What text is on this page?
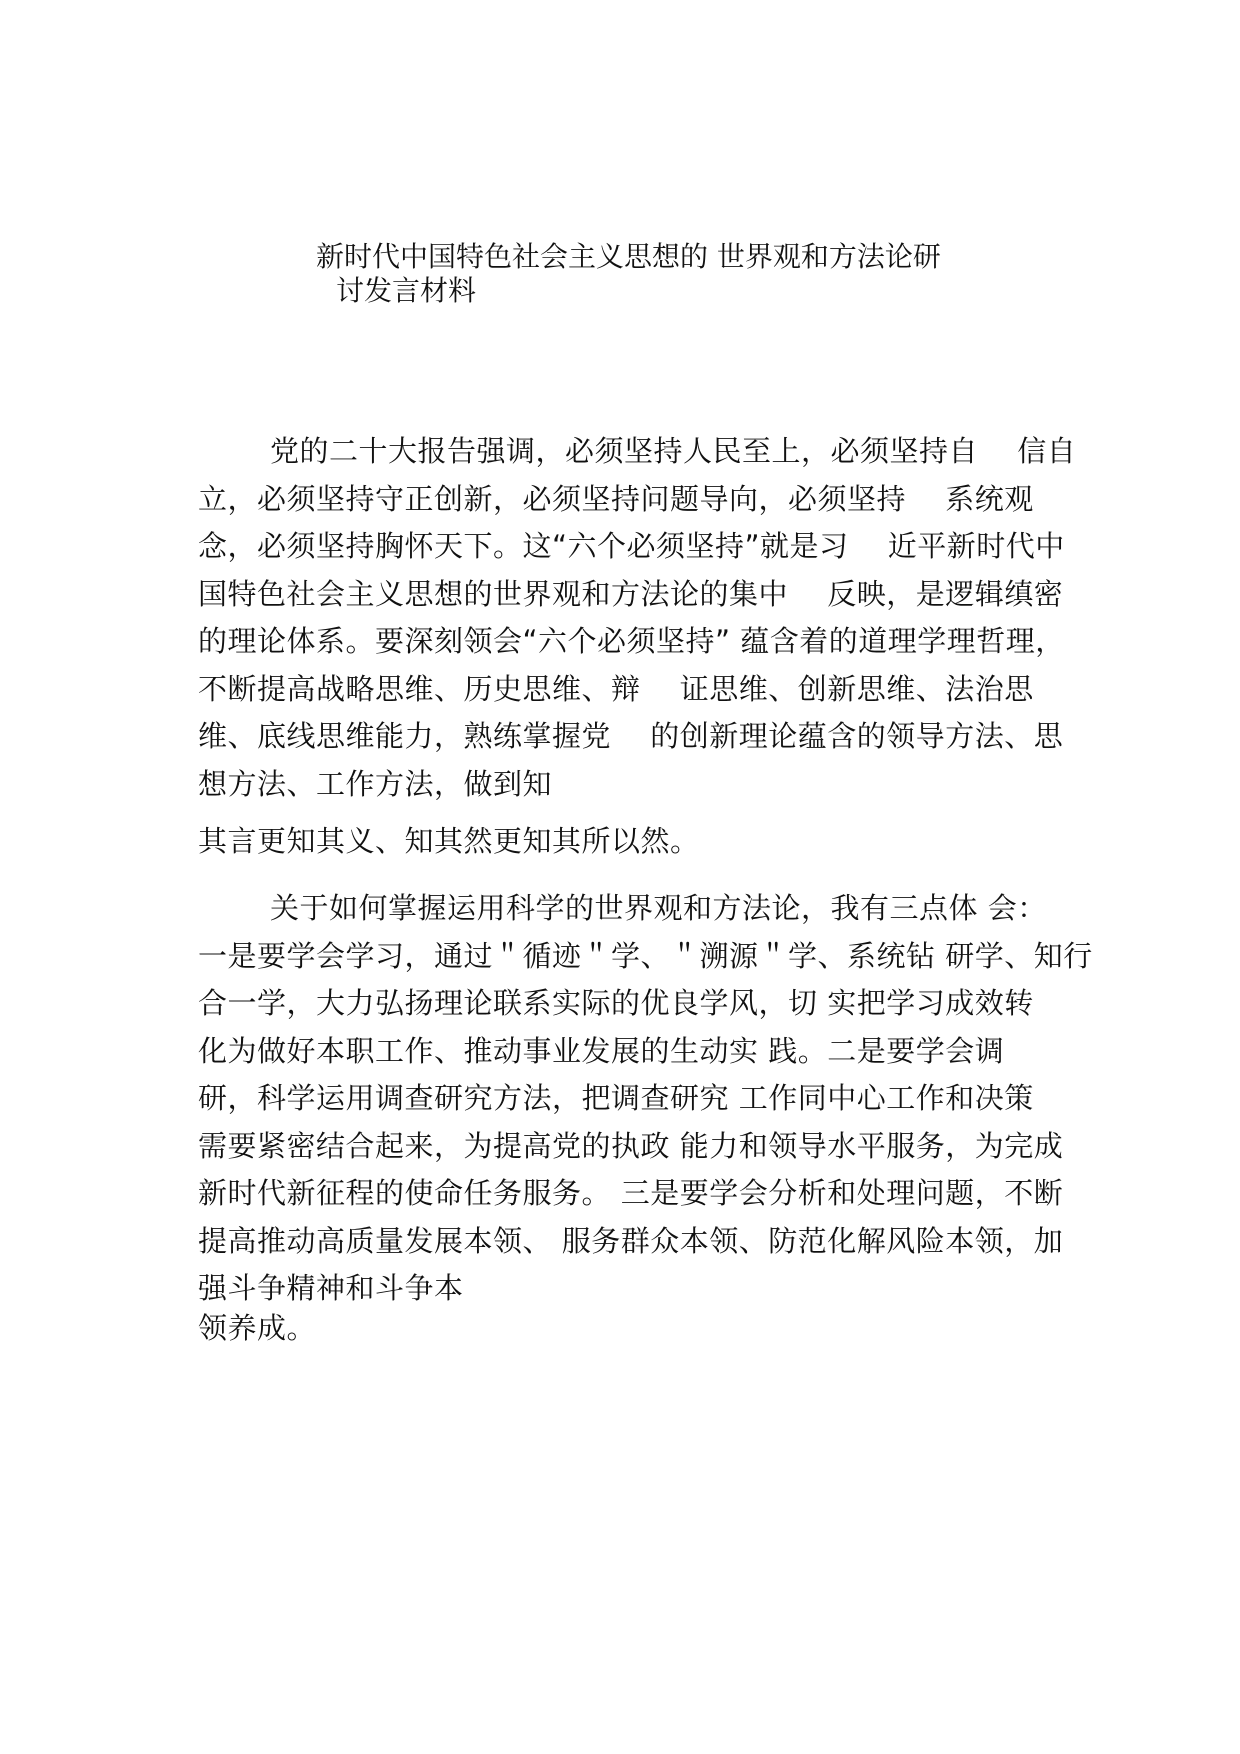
新时代中国特色社会主义思想的 世界观和方法论研
讨发言材料
党的二十大报告强调，必须坚持人民至上，必须坚持自　 信自
立，必须坚持守正创新，必须坚持问题导向，必须坚持　 系统观
念，必须坚持胸怀天下。这“六个必须坚持”就是习　 近平新时代中
国特色社会主义思想的世界观和方法论的集中　 反映，是逻辑缜密
的理论体系。要深刻领会“六个必须坚持” 蕴含着的道理学理哲理，
不断提高战略思维、历史思维、辩　 证思维、创新思维、法治思
维、底线思维能力，熟练掌握党　 的创新理论蕴含的领导方法、思
想方法、工作方法，做到知
其言更知其义、知其然更知其所以然。
关于如何掌握运用科学的世界观和方法论，我有三点体 会：
一是要学会学习，通过＂循迹＂学、＂溯源＂学、系统钻 研学、知行
合一学，大力弘扬理论联系实际的优良学风，切 实把学习成效转
化为做好本职工作、推动事业发展的生动实 践。二是要学会调
研，科学运用调查研究方法，把调查研究 工作同中心工作和决策
需要紧密结合起来，为提高党的执政 能力和领导水平服务，为完成
新时代新征程的使命任务服务。 三是要学会分析和处理问题，不断
提高推动高质量发展本领、 服务群众本领、防范化解风险本领，加
强斗争精神和斗争本
领养成。
